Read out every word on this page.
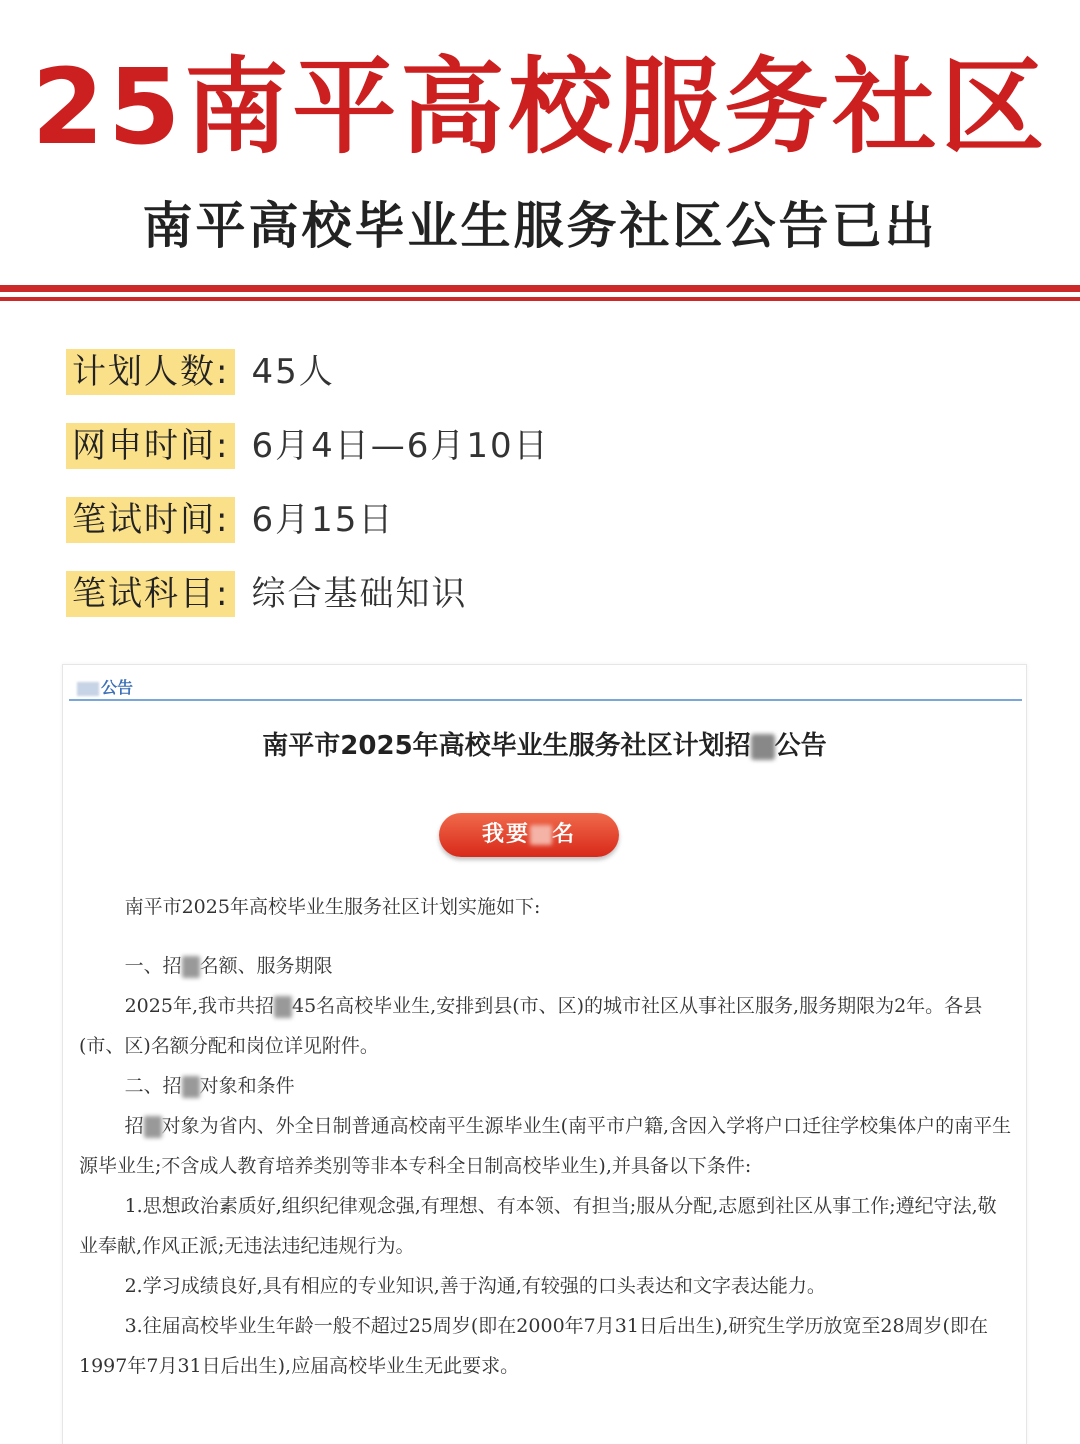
25南平高校服务社区
南平高校毕业生服务社区公告已出
计划人数: 45人
网申时间: 6月4日—6月10日
笔试时间: 6月15日
笔试科目: 综合基础知识
公告
南平市2025年高校毕业生服务社区计划招 公告
我要 名

南平市2025年高校毕业生服务社区计划实施如下:

一、招 名额、服务期限

2025年,我市共招 45名高校毕业生,安排到县(市、区)的城市社区从事社区服务,服务期限为2年。各县(市、区)名额分配和岗位详见附件。

二、招 对象和条件

招 对象为省内、外全日制普通高校南平生源毕业生(南平市户籍,含因入学将户口迁往学校集体户的南平生源毕业生;不含成人教育培养类别等非本专科全日制高校毕业生),并具备以下条件:

1.思想政治素质好,组织纪律观念强,有理想、有本领、有担当;服从分配,志愿到社区从事工作;遵纪守法,敬业奉献,作风正派;无违法违纪违规行为。

2.学习成绩良好,具有相应的专业知识,善于沟通,有较强的口头表达和文字表达能力。

3.往届高校毕业生年龄一般不超过25周岁(即在2000年7月31日后出生),研究生学历放宽至28周岁(即在1997年7月31日后出生),应届高校毕业生无此要求。
